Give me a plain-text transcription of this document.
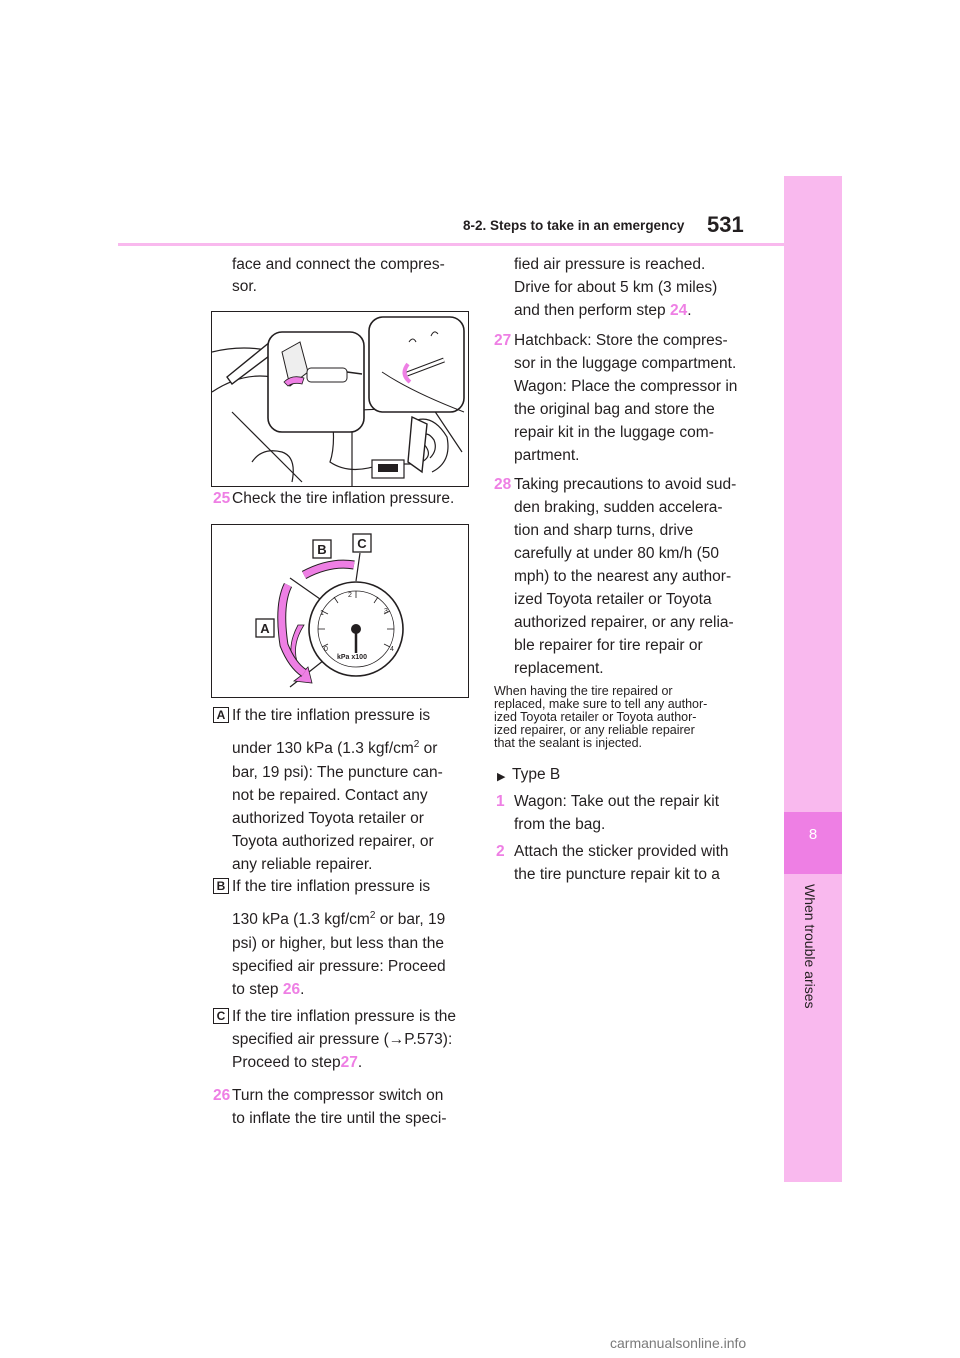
8-2. Steps to take in an emergency 531
8
When trouble arises
face and connect the compres-
sor.
25 Check the tire inflation pressure.
2
3
4
0
1
kPa x100
B C
A
A If the tire inflation pressure is
under 130 kPa (1.3 kgf/$cm^2$ or
bar, 19 psi): The puncture can-
not be repaired. Contact any
authorized Toyota retailer or
Toyota authorized repairer, or
any reliable repairer.
B If the tire inflation pressure is
130 kPa (1.3 kgf/$cm^2$ or bar, 19
psi) or higher, but less than the
specified air pressure: Proceed
to step 26.
C If the tire inflation pressure is the
specified air pressure (→P.573):
Proceed to step27.
26 Turn the compressor switch on
to inflate the tire until the speci-
fied air pressure is reached.
Drive for about 5 km (3 miles)
and then perform step 24.
27 Hatchback: Store the compres-
sor in the luggage compartment.
Wagon: Place the compressor in
the original bag and store the
repair kit in the luggage com-
partment.
28 Taking precautions to avoid sud-
den braking, sudden accelera-
tion and sharp turns, drive
carefully at under 80 km/h (50
mph) to the nearest any author-
ized Toyota retailer or Toyota
authorized repairer, or any relia-
ble repairer for tire repair or
replacement.
When having the tire repaired or
replaced, make sure to tell any author-
ized Toyota retailer or Toyota author-
ized repairer, or any reliable repairer
that the sealant is injected.
▶ Type B
1 Wagon: Take out the repair kit
from the bag.
2 Attach the sticker provided with
the tire puncture repair kit to a
carmanualsonline.info
